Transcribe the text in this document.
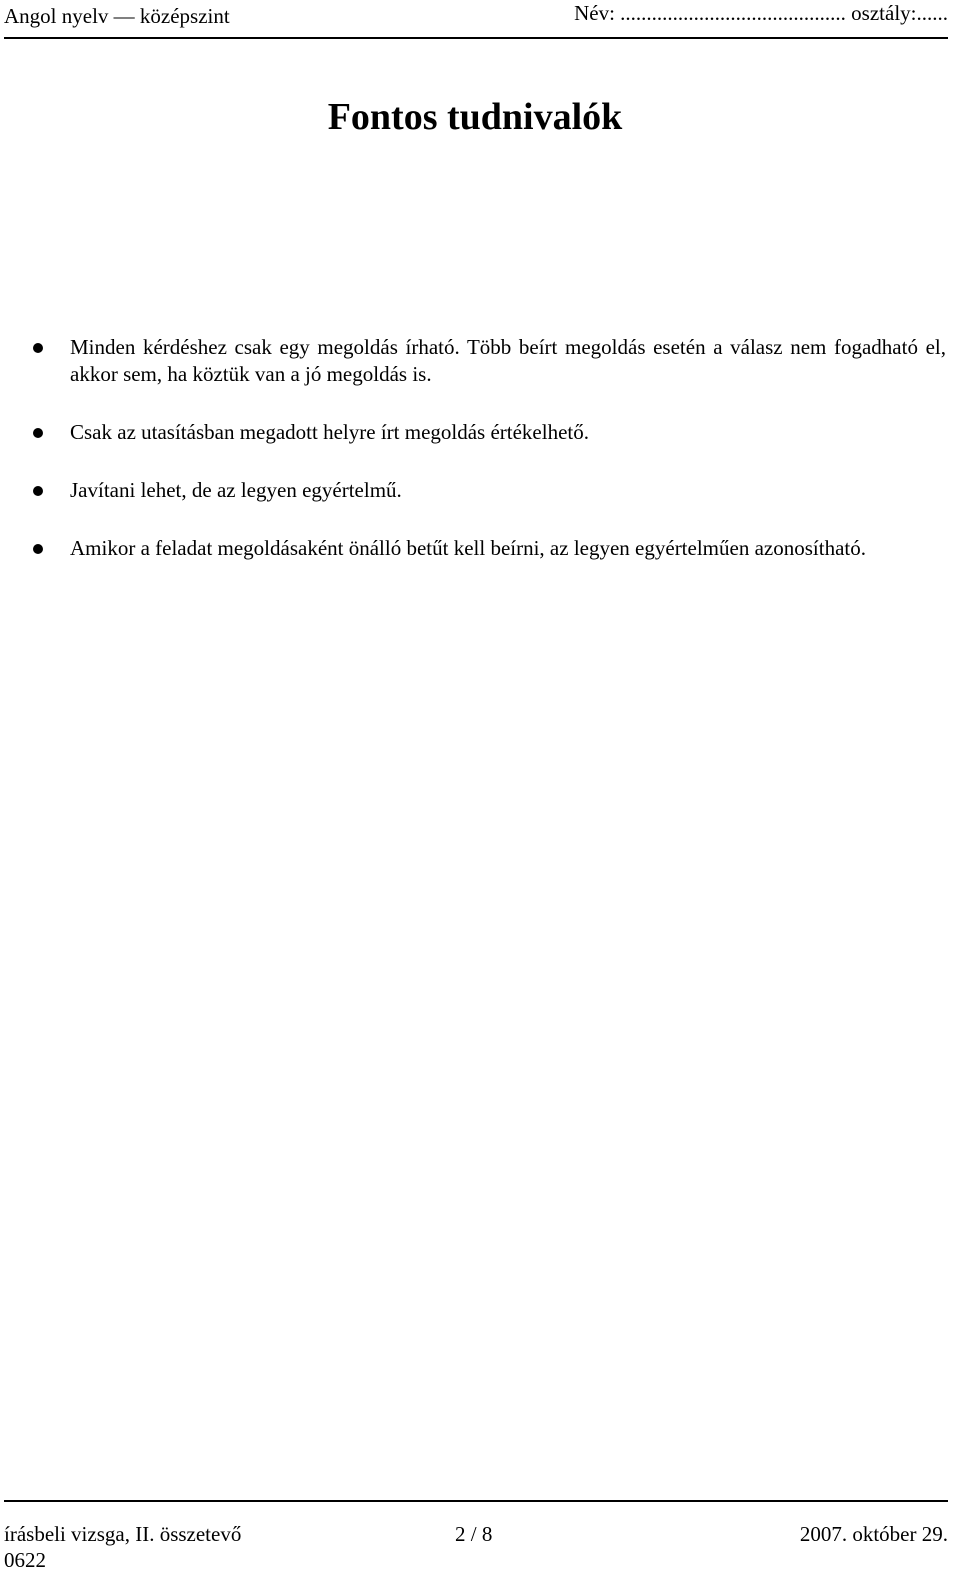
Angol nyelv — középszint	Név: ........................................... osztály:......
Fontos tudnivalók
Minden kérdéshez csak egy megoldás írható. Több beírt megoldás esetén a válasz nem fogadható el, akkor sem, ha köztük van a jó megoldás is.
Csak az utasításban megadott helyre írt megoldás értékelhető.
Javítani lehet, de az legyen egyértelmű.
Amikor a feladat megoldásaként önálló betűt kell beírni, az legyen egyértelműen azonosítható.
írásbeli vizsga, II. összetevő	2 / 8	2007. október 29.
0622
